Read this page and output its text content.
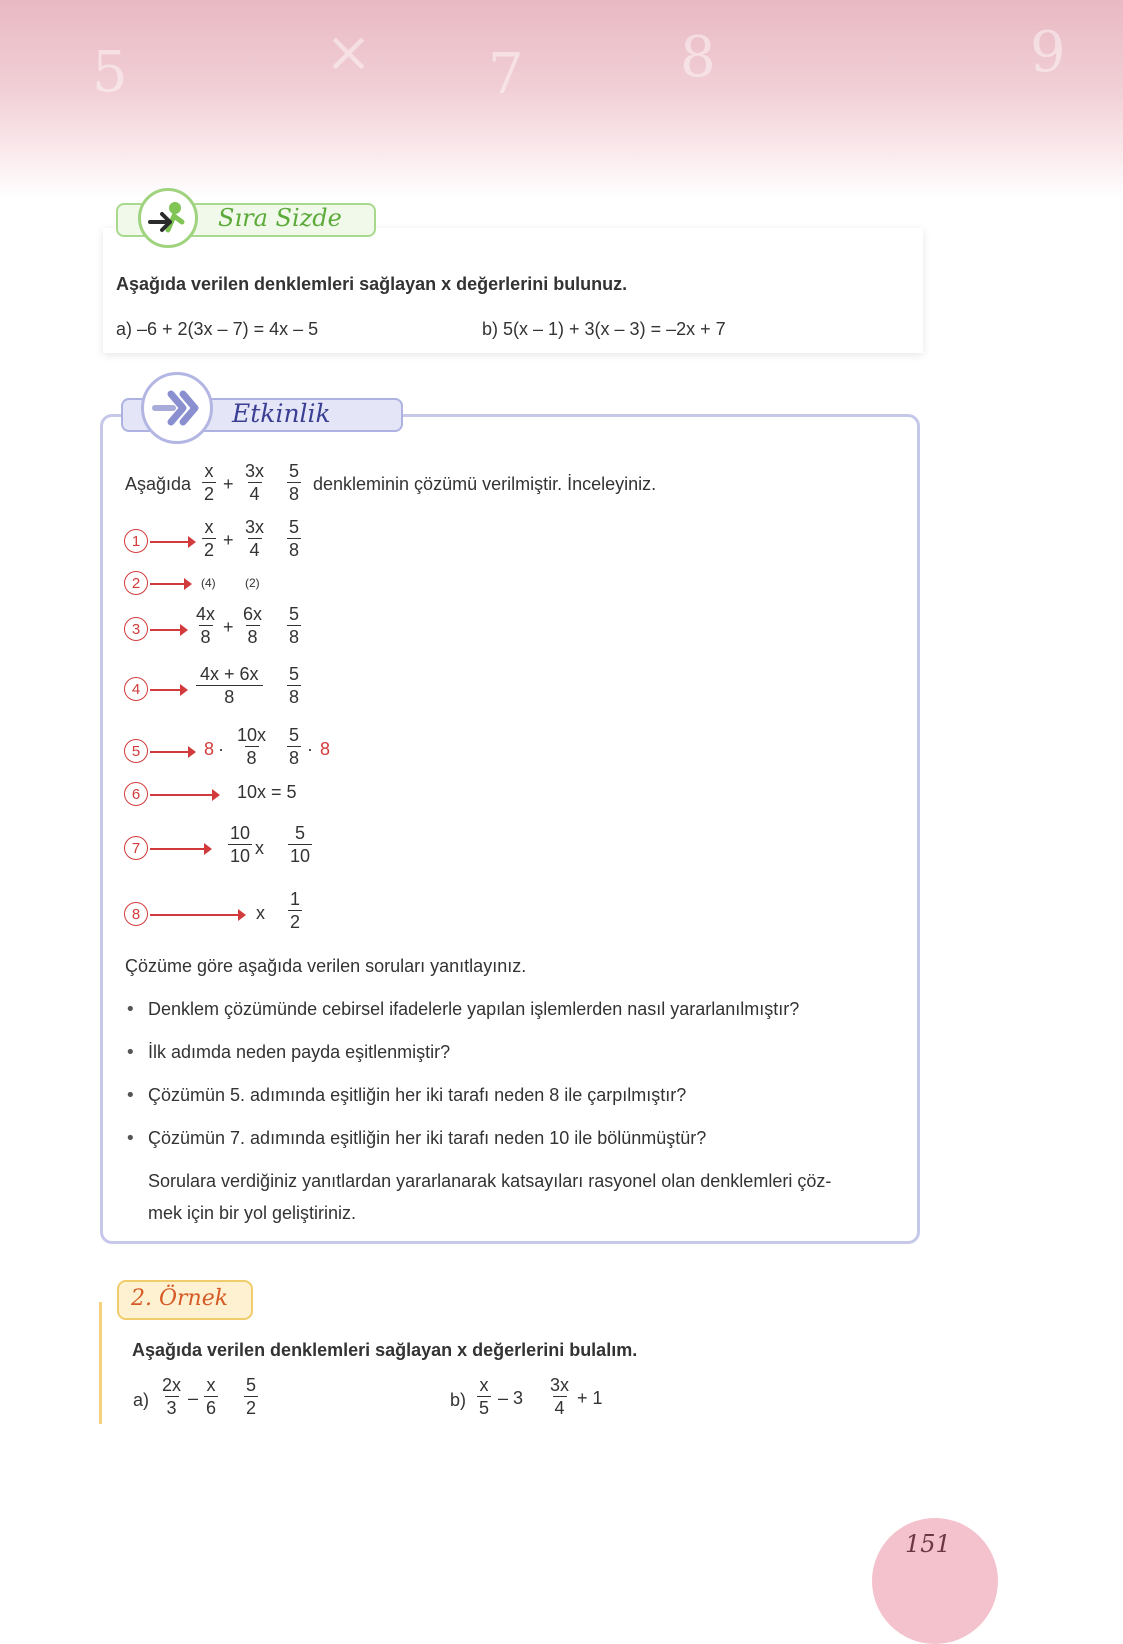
5	× 7	8	9
Sıra Sizde
Aşağıda verilen denklemleri sağlayan x değerlerini bulunuz.
a) –6 + 2(3x – 7) = 4x – 5	b) 5(x – 1) + 3(x – 3) = –2x + 7
Etkinlik
Aşağıda $\frac{x}{2} + \frac{3x}{4} \frac{5}{8}$ denkleminin çözümü verilmiştir. İnceleyiniz.
1	$\frac{x}{2} + \frac{3x}{4} \frac{5}{8}$
2	(4) (2)
3	$\frac{4x}{8} + \frac{6x}{8} \frac{5}{8}$
4	$\frac{4x + 6x}{8} \frac{5}{8}$
5	$8 \cdot \frac{10x}{8} \frac{5}{8} \cdot 8$
6	10x = 5
7	$\frac{10}{10}$ x $\frac{5}{10}$
8	x $\frac{1}{2}$
Çözüme göre aşağıda verilen soruları yanıtlayınız.
• Denklem çözümünde cebirsel ifadelerle yapılan işlemlerden nasıl yararlanılmıştır?
• İlk adımda neden payda eşitlenmiştir?
• Çözümün 5. adımında eşitliğin her iki tarafı neden 8 ile çarpılmıştır?
• Çözümün 7. adımında eşitliğin her iki tarafı neden 10 ile bölünmüştür?
Sorulara verdiğiniz yanıtlardan yararlanarak katsayıları rasyonel olan denklemleri çöz-
mek için bir yol geliştiriniz.
2. Örnek
Aşağıda verilen denklemleri sağlayan x değerlerini bulalım.
$a) \frac{2x}{3} - \frac{x}{6} \frac{5}{2}$	$b) \frac{x}{5} - 3 \frac{3x}{4} + 1$
151
